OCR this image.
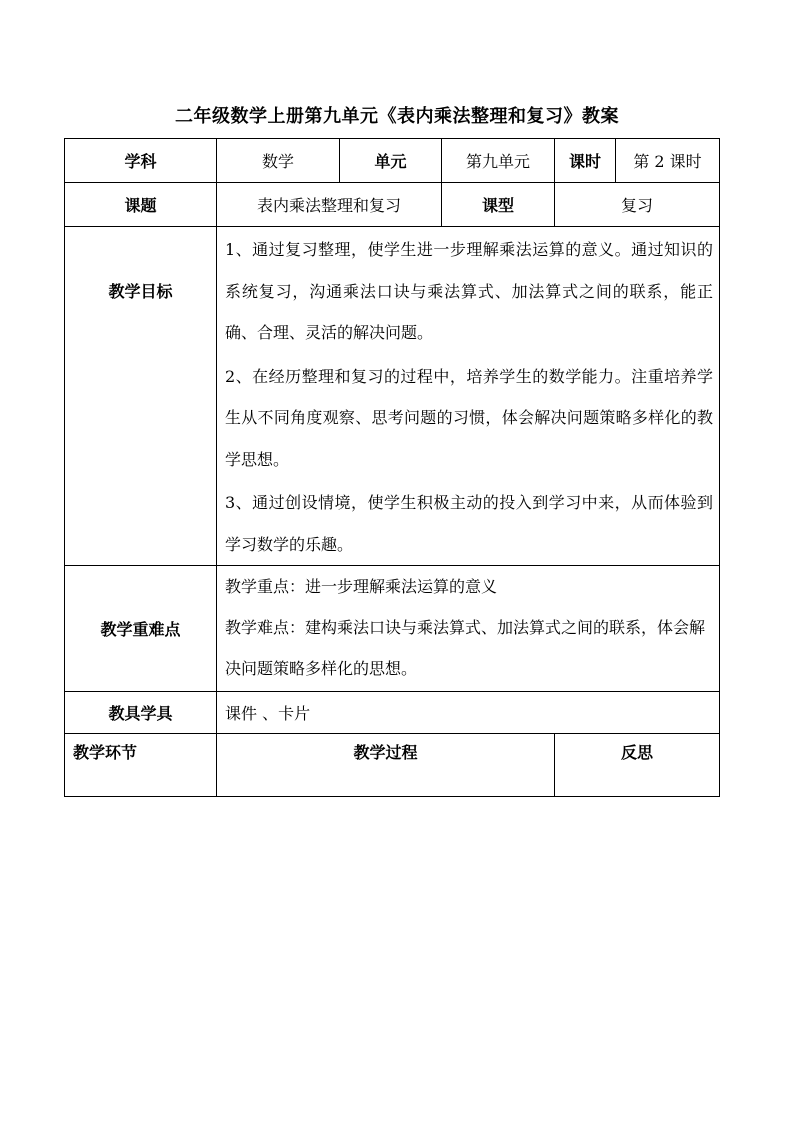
二年级数学上册第九单元《表内乘法整理和复习》教案
学科	数学	单元	第九单元	课时	第 2 课时
课题	表内乘法整理和复习		课型	复习	
教学目标	1、通过复习整理，使学生进一步理解乘法运算的意义。通过知识的系统复习，沟通乘法口诀与乘法算式、加法算式之间的联系，能正确、合理、灵活的解决问题。
2、在经历整理和复习的过程中，培养学生的数学能力。注重培养学生从不同角度观察、思考问题的习惯，体会解决问题策略多样化的教学思想。
3、通过创设情境，使学生积极主动的投入到学习中来，从而体验到学习数学的乐趣。				

教学重难点	教学重点：进一步理解乘法运算的意义
教学难点：建构乘法口诀与乘法算式、加法算式之间的联系，体会解决问题策略多样化的思想。				

教具学具	课件 、卡片				
教学环节	教学过程			反思	
